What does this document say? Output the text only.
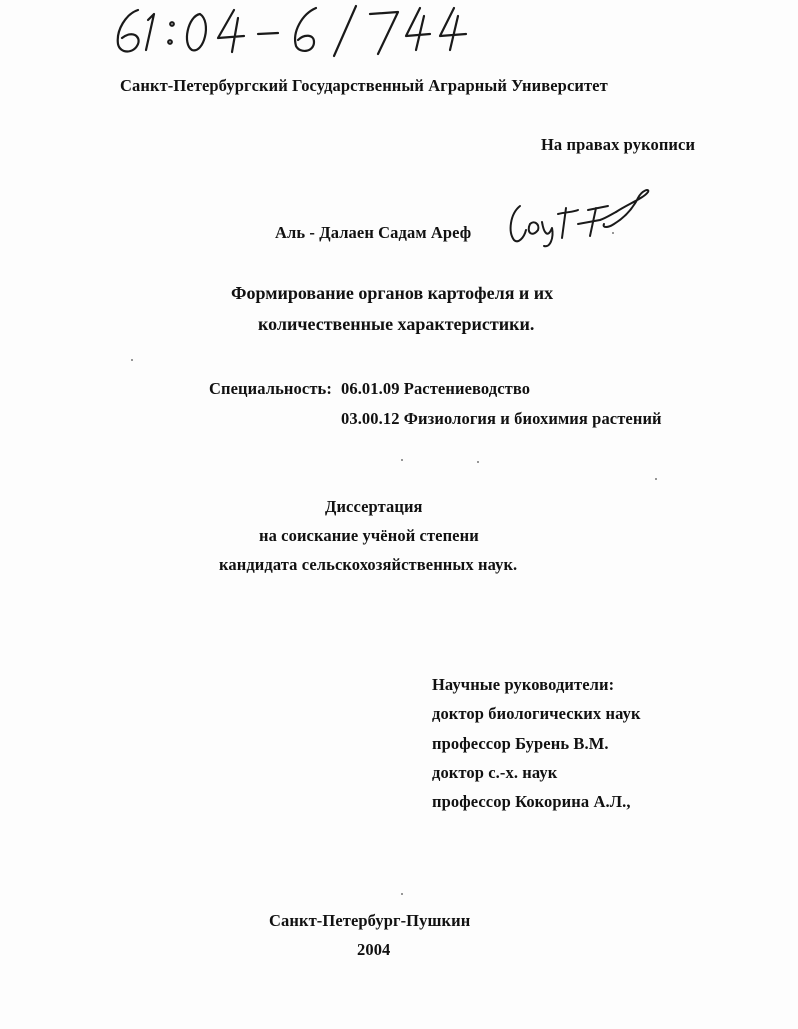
Санкт-Петербургский Государственный Аграрный Университет
На правах рукописи
Аль - Далаен Садам Ареф
Формирование органов картофеля и их
количественные характеристики.
Специальность: 06.01.09 Растениеводство
03.00.12 Физиология и биохимия растений
Диссертация
на соискание учёной степени
кандидата сельскохозяйственных наук.
Научные руководители:
доктор биологических наук
профессор Бурень В.М.
доктор с.-х. наук
профессор Кокорина А.Л.,
Санкт-Петербург-Пушкин
2004
